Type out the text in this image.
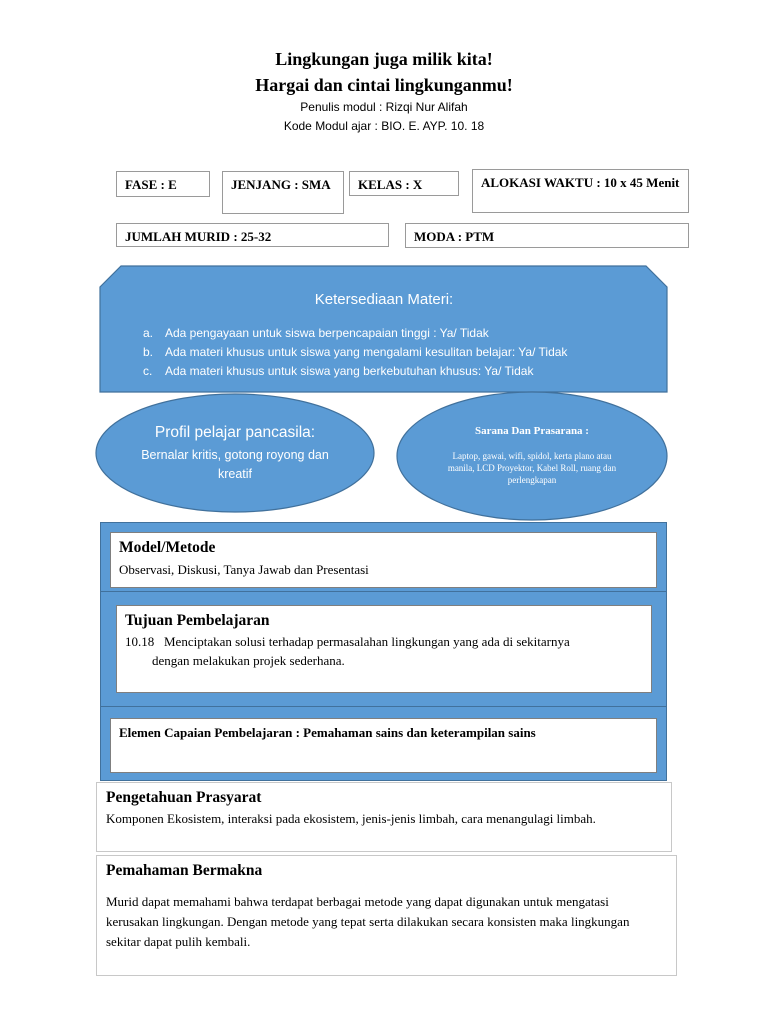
Lingkungan juga milik kita!
Hargai dan cintai lingkunganmu!
Penulis modul : Rizqi Nur Alifah
Kode Modul ajar : BIO. E. AYP. 10. 18
FASE : E	JENJANG : SMA	KELAS : X	ALOKASI WAKTU : 10 x 45 Menit
JUMLAH MURID : 25-32	MODA : PTM
Ketersediaan Materi:
a. Ada pengayaan untuk siswa berpencapaian tinggi : Ya/ Tidak
b. Ada materi khusus untuk siswa yang mengalami kesulitan belajar: Ya/ Tidak
c. Ada materi khusus untuk siswa yang berkebutuhan khusus: Ya/ Tidak
Profil pelajar pancasila:
Bernalar kritis, gotong royong dan kreatif
Sarana Dan Prasarana :
Laptop, gawai, wifi, spidol, kerta plano atau manila, LCD Proyektor, Kabel Roll, ruang dan perlengkapan
Model/Metode
Observasi, Diskusi, Tanya Jawab dan Presentasi
Tujuan Pembelajaran
10.18 Menciptakan solusi terhadap permasalahan lingkungan yang ada di sekitarnya
dengan melakukan projek sederhana.
Elemen Capaian Pembelajaran : Pemahaman sains dan keterampilan sains
Pengetahuan Prasyarat
Komponen Ekosistem, interaksi pada ekosistem, jenis-jenis limbah, cara menangulagi limbah.
Pemahaman Bermakna
Murid dapat memahami bahwa terdapat berbagai metode yang dapat digunakan untuk mengatasi kerusakan lingkungan. Dengan metode yang tepat serta dilakukan secara konsisten maka lingkungan sekitar dapat pulih kembali.
